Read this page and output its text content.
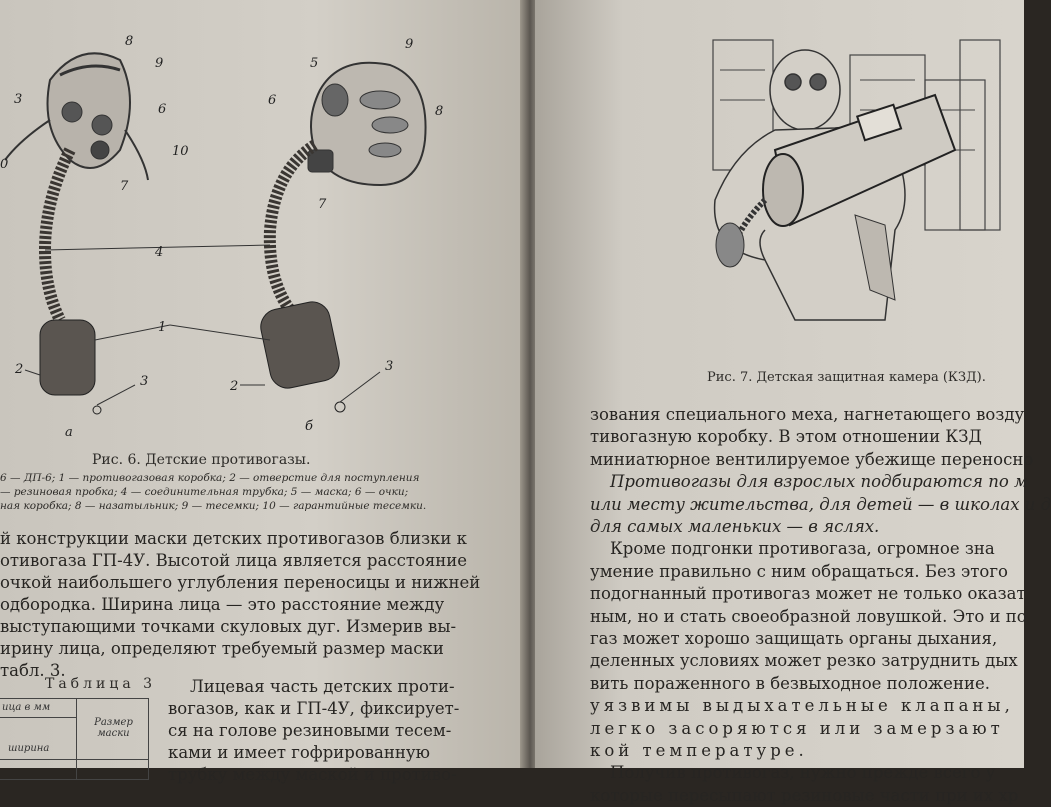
8
9
3
6
10
0
7
5
9
6
8
7
4
1
2
2
3
3
а	б
Рис. 6. Детские противогазы.
6 — ДП-6; 1 — противогазовая коробка; 2 — отверстие для поступления
— резиновая пробка; 4 — соединительная трубка; 5 — маска; 6 — очки;
ная коробка; 8 — назатыльник; 9 — тесемки; 10 — гарантийные тесемки.
й конструкции маски детских противогазов близки к
отивогаза ГП-4У. Высотой лица является расстояние
очкой наибольшего углубления переносицы и нижней
одбородка. Ширина лица — это расстояние между
выступающими точками скуловых дуг. Измерив вы-
ирину лица, определяют требуемый размер маски
табл. 3.
Таблица 3
ица в мм
Размер маски
ширина
Лицевая часть детских проти-
вогазов, как и ГП-4У, фиксирует-
ся на голове резиновыми тесем-
ками и имеет гофрированную
трубку между маской и противо-
Рис. 7. Детская защитная камера (КЗД).
зования специального меха, нагнетающего возду
тивогазную коробку. В этом отношении КЗД
миниатюрное вентилируемое убежище переносно
Противогазы для взрослых подбираются по м
или месту жительства, для детей — в школах и д
для самых маленьких — в яслях.
Кроме подгонки противогаза, огромное зна
умение правильно с ним обращаться. Без этого
подогнанный противогаз может не только оказат
ным, но и стать своеобразной ловушкой. Это и по
газ может хорошо защищать органы дыхания,
деленных условиях может резко затруднить дых
вить пораженного в безвыходное положение.
уязвимы выдыхательные клапаны,
легко засоряются или замерзают
кой температуре.
Получив противогаз, нужно прежде всего у
которые пересыпают резиновые части при их хр
